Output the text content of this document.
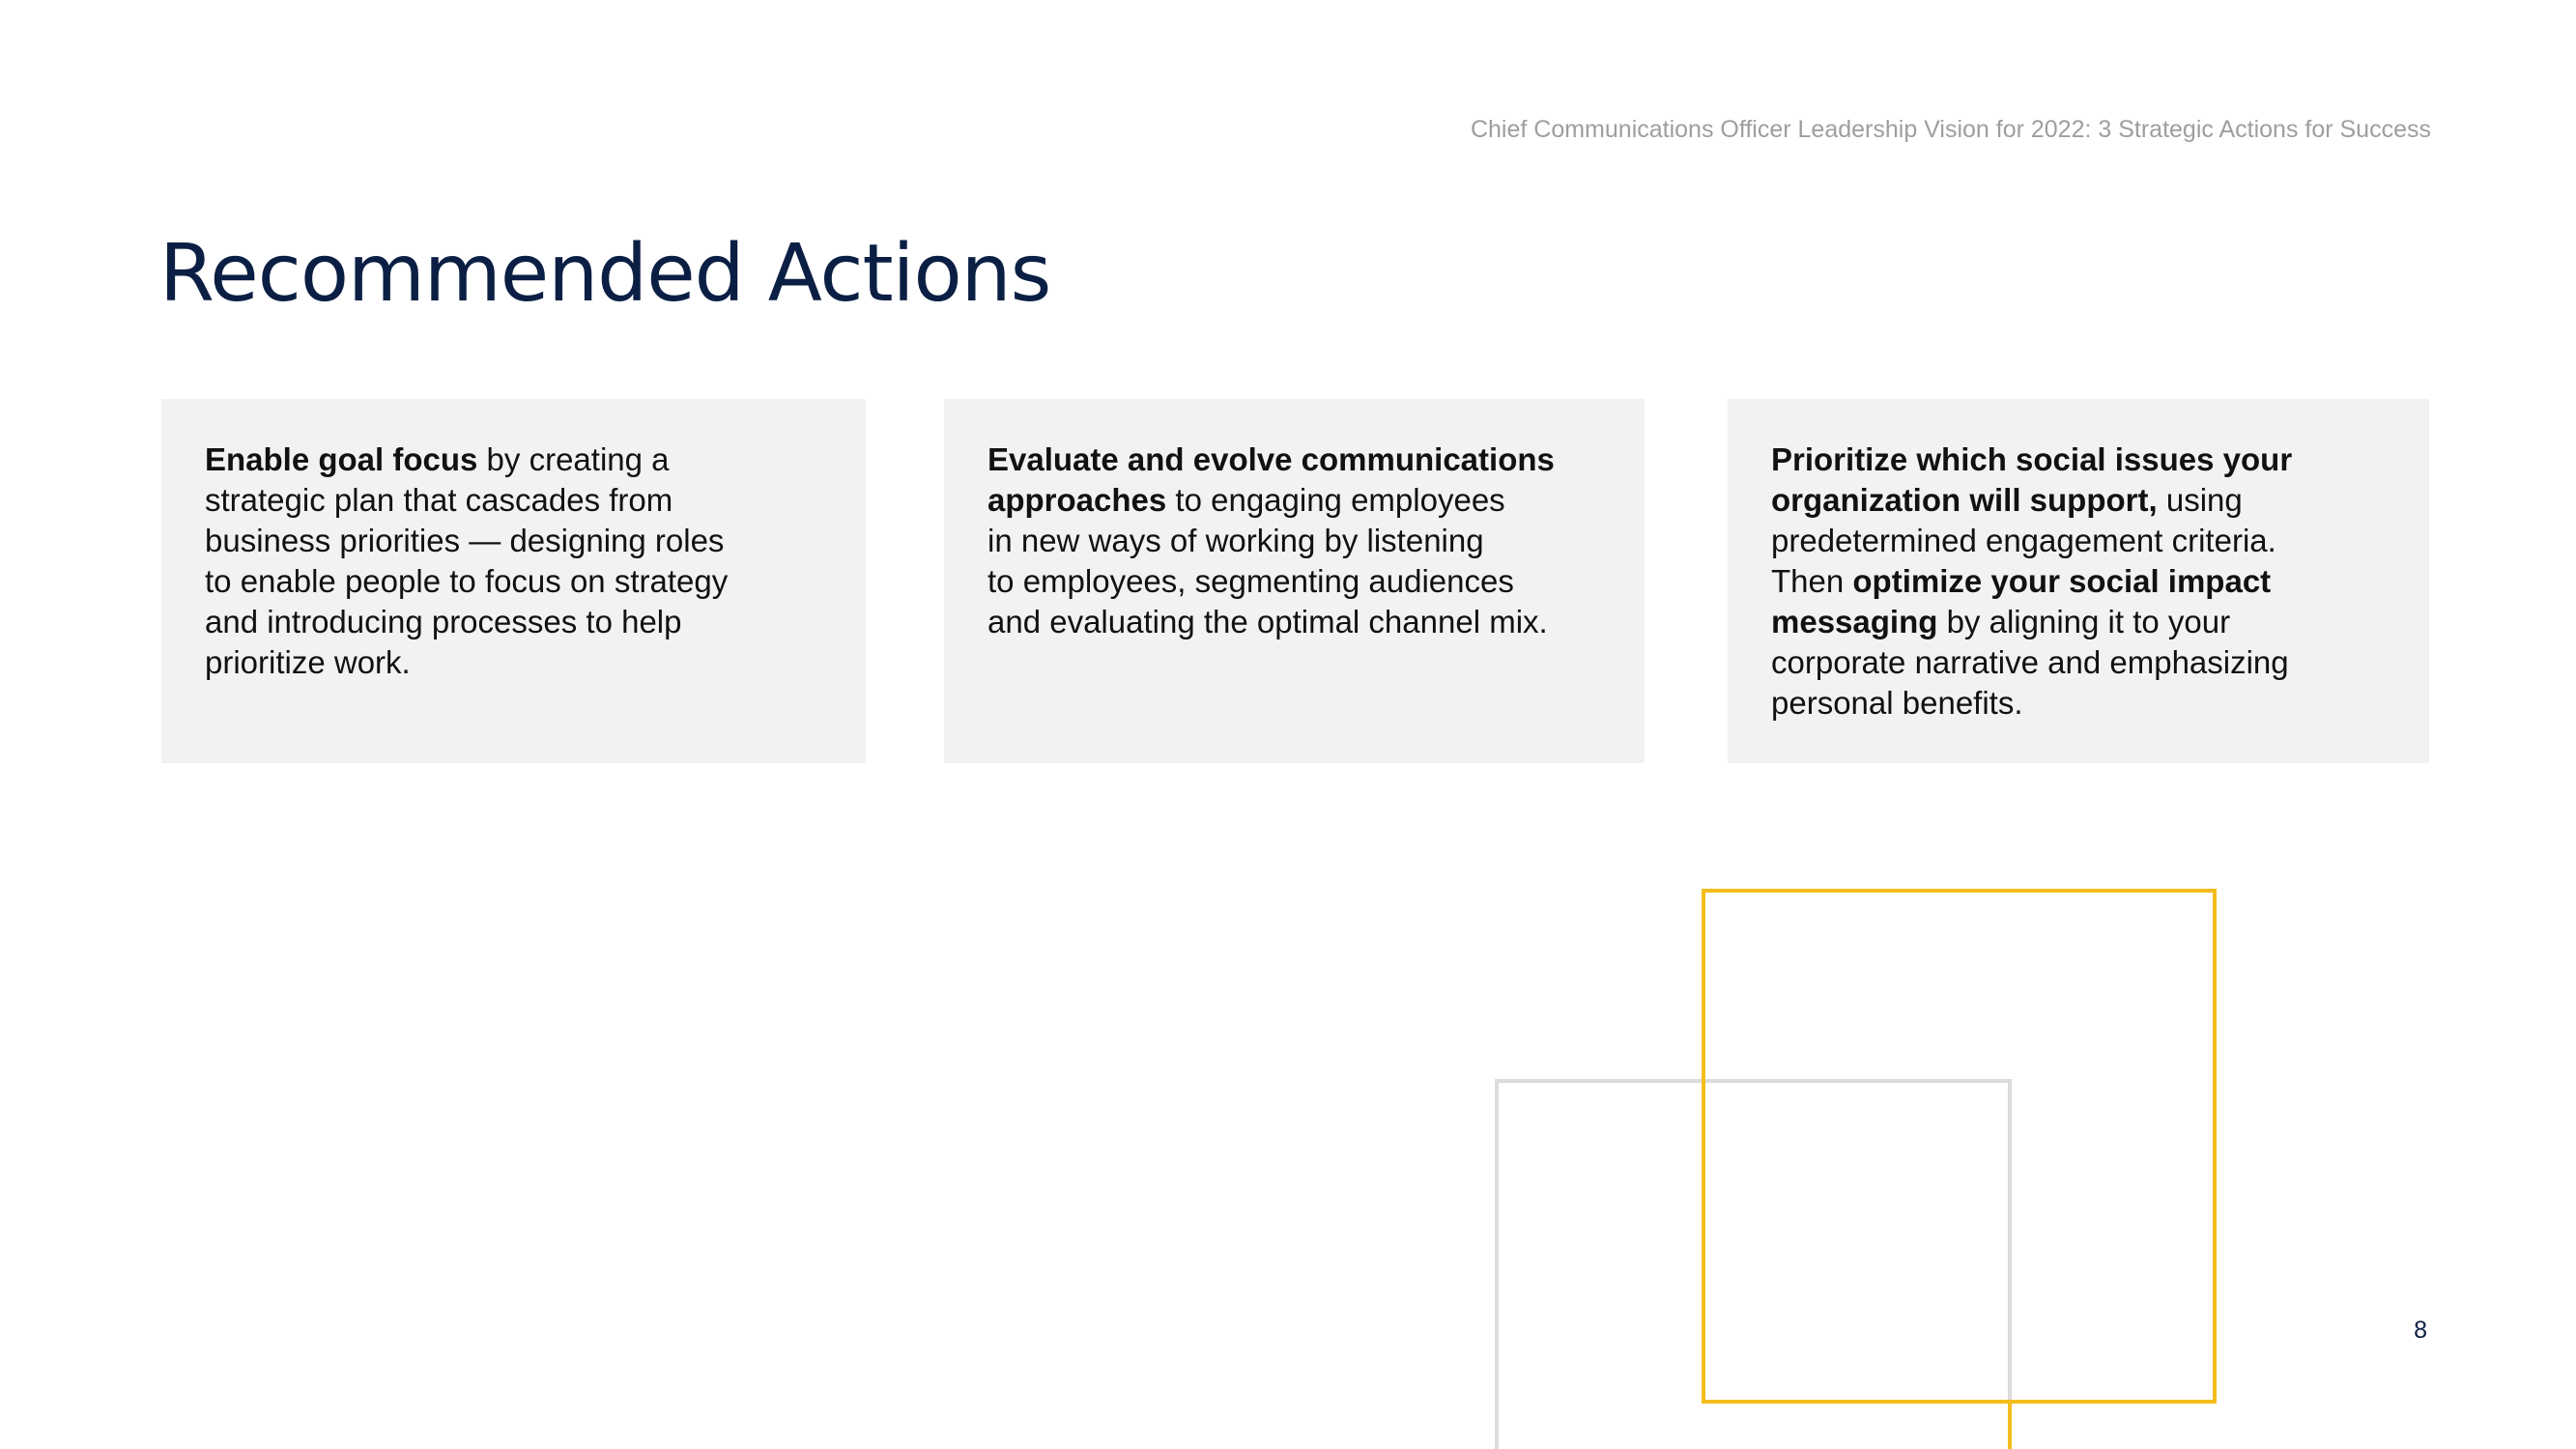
Chief Communications Officer Leadership Vision for 2022: 3 Strategic Actions for Success
Recommended Actions

Enable goal focus by creating a
strategic plan that cascades from
business priorities — designing roles
to enable people to focus on strategy
and introducing processes to help
prioritize work.

Evaluate and evolve communications
approaches to engaging employees
in new ways of working by listening
to employees, segmenting audiences
and evaluating the optimal channel mix.

Prioritize which social issues your
organization will support, using
predetermined engagement criteria.
Then optimize your social impact
messaging by aligning it to your
corporate narrative and emphasizing
personal benefits.

8
